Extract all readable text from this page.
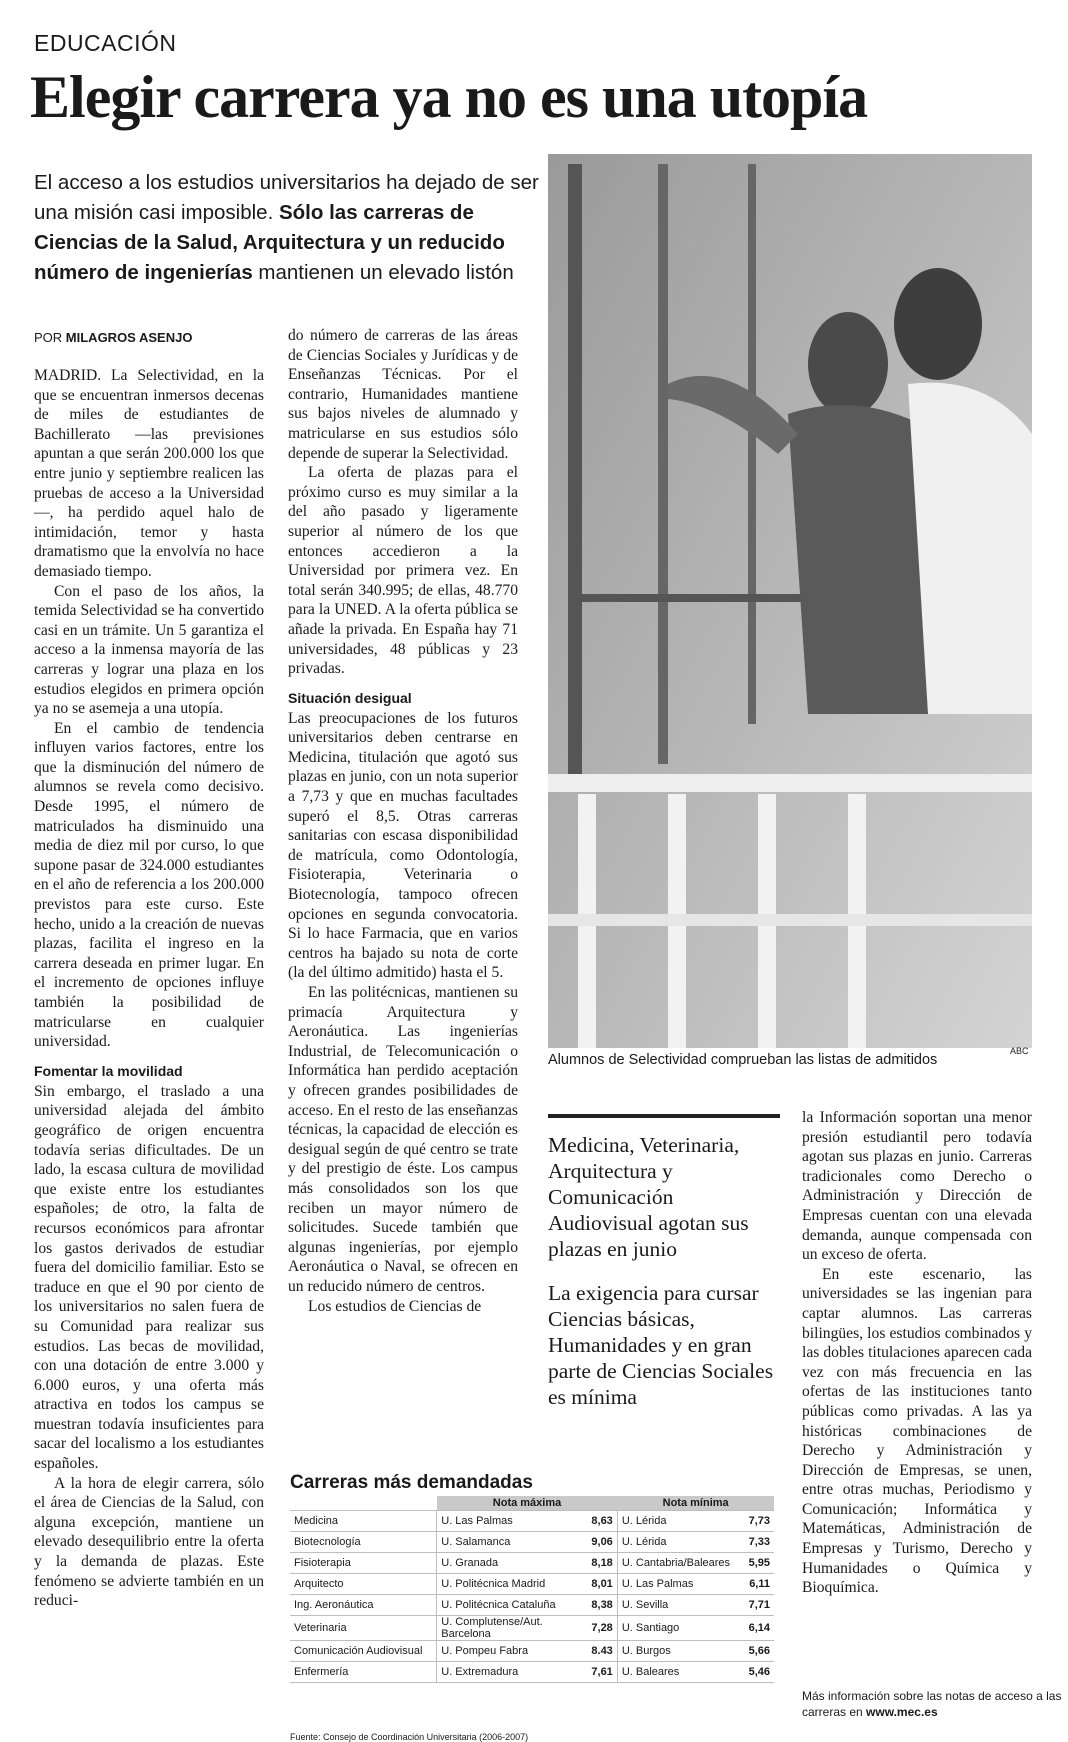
EDUCACIÓN
Elegir carrera ya no es una utopía
El acceso a los estudios universitarios ha dejado de ser una misión casi imposible. Sólo las carreras de Ciencias de la Salud, Arquitectura y un reducido número de ingenierías mantienen un elevado listón
POR MILAGROS ASENJO

MADRID. La Selectividad, en la que se encuentran inmersos decenas de miles de estudiantes de Bachillerato —las previsiones apuntan a que serán 200.000 los que entre junio y septiembre realicen las pruebas de acceso a la Universidad—, ha perdido aquel halo de intimidación, temor y hasta dramatismo que la envolvía no hace demasiado tiempo.

Con el paso de los años, la temida Selectividad se ha convertido casi en un trámite. Un 5 garantiza el acceso a la inmensa mayoría de las carreras y lograr una plaza en los estudios elegidos en primera opción ya no se asemeja a una utopía.

En el cambio de tendencia influyen varios factores, entre los que la disminución del número de alumnos se revela como decisivo. Desde 1995, el número de matriculados ha disminuido una media de diez mil por curso, lo que supone pasar de 324.000 estudiantes en el año de referencia a los 200.000 previstos para este curso. Este hecho, unido a la creación de nuevas plazas, facilita el ingreso en la carrera deseada en primer lugar. En el incremento de opciones influye también la posibilidad de matricularse en cualquier universidad.

Fomentar la movilidad

Sin embargo, el traslado a una universidad alejada del ámbito geográfico de origen encuentra todavía serias dificultades. De un lado, la escasa cultura de movilidad que existe entre los estudiantes españoles; de otro, la falta de recursos económicos para afrontar los gastos derivados de estudiar fuera del domicilio familiar. Esto se traduce en que el 90 por ciento de los universitarios no salen fuera de su Comunidad para realizar sus estudios. Las becas de movilidad, con una dotación de entre 3.000 y 6.000 euros, y una oferta más atractiva en todos los campus se muestran todavía insuficientes para sacar del localismo a los estudiantes españoles.

A la hora de elegir carrera, sólo el área de Ciencias de la Salud, con alguna excepción, mantiene un elevado desequilibrio entre la oferta y la demanda de plazas. Este fenómeno se advierte también en un reduci-

do número de carreras de las áreas de Ciencias Sociales y Jurídicas y de Enseñanzas Técnicas. Por el contrario, Humanidades mantiene sus bajos niveles de alumnado y matricularse en sus estudios sólo depende de superar la Selectividad.

La oferta de plazas para el próximo curso es muy similar a la del año pasado y ligeramente superior al número de los que entonces accedieron a la Universidad por primera vez. En total serán 340.995; de ellas, 48.770 para la UNED. A la oferta pública se añade la privada. En España hay 71 universidades, 48 públicas y 23 privadas.

Situación desigual

Las preocupaciones de los futuros universitarios deben centrarse en Medicina, titulación que agotó sus plazas en junio, con un nota superior a 7,73 y que en muchas facultades superó el 8,5. Otras carreras sanitarias con escasa disponibilidad de matrícula, como Odontología, Fisioterapia, Veterinaria o Biotecnología, tampoco ofrecen opciones en segunda convocatoria. Si lo hace Farmacia, que en varios centros ha bajado su nota de corte (la del último admitido) hasta el 5.

En las politécnicas, mantienen su primacía Arquitectura y Aeronáutica. Las ingenierías Industrial, de Telecomunicación o Informática han perdido aceptación y ofrecen grandes posibilidades de acceso. En el resto de las enseñanzas técnicas, la capacidad de elección es desigual según de qué centro se trate y del prestigio de éste. Los campus más consolidados son los que reciben un mayor número de solicitudes. Sucede también que algunas ingenierías, por ejemplo Aeronáutica o Naval, se ofrecen en un reducido número de centros.

Los estudios de Ciencias de

Alumnos de Selectividad comprueban las listas de admitidos
ABC
Medicina, Veterinaria, Arquitectura y Comunicación Audiovisual agotan sus plazas en junio
La exigencia para cursar Ciencias básicas, Humanidades y en gran parte de Ciencias Sociales es mínima

la Información soportan una menor presión estudiantil pero todavía agotan sus plazas en junio. Carreras tradicionales como Derecho o Administración y Dirección de Empresas cuentan con una elevada demanda, aunque compensada con un exceso de oferta.

En este escenario, las universidades se las ingenian para captar alumnos. Las carreras bilingües, los estudios combinados y las dobles titulaciones aparecen cada vez con más frecuencia en las ofertas de las instituciones tanto públicas como privadas. A las ya históricas combinaciones de Derecho y Administración y Dirección de Empresas, se unen, entre otras muchas, Periodismo y Comunicación; Informática y Matemáticas, Administración de Empresas y Turismo, Derecho y Humanidades o Química y Bioquímica.

Carreras más demandadas
	Nota máxima		Nota mínima	
Medicina	U. Las Palmas	8,63	U. Lérida	7,73
Biotecnología	U. Salamanca	9,06	U. Lérida	7,33
Fisioterapia	U. Granada	8,18	U. Cantabria/Baleares	5,95
Arquitecto	U. Politécnica Madrid	8,01	U. Las Palmas	6,11
Ing. Aeronáutica	U. Politécnica Cataluña	8,38	U. Sevilla	7,71
Veterinaria	U. Complutense/Aut. Barcelona	7,28	U. Santiago	6,14
Comunicación Audiovisual	U. Pompeu Fabra	8.43	U. Burgos	5,66
Enfermería	U. Extremadura	7,61	U. Baleares	5,46
Fuente: Consejo de Coordinación Universitaria (2006-2007)
Más información sobre las notas de acceso a las carreras en www.mec.es
